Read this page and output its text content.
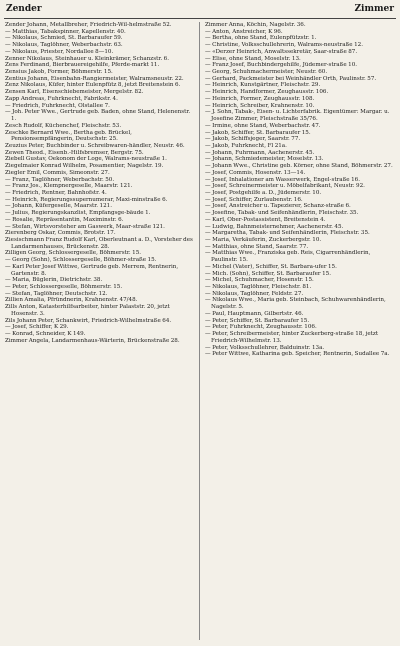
Zender	Zimmer

Zender Johann, Metallbreher, Friedrich-Wil-helmstraße 52.

— Matthias, Tabakspinner, Kapellenstr. 40.

— Nikolaus, Schmied, St. Barbaraufer 59.

— Nikolaus, Taglöhner, Weberbachstr. 63.

— Nikolaus, Priester, Nordallee 8—10.

Zenner Nikolaus, Steinhauer u. Kleinkrämer, Schanzstr. 6.

Zens Ferdinand, Bierbrauereigehilfe, Pferde-markt 11.

Zensius Jakob, Former, Böhmerstr. 15.

Zentius Johann, Eisenbahn-Rangiermeister, Walramsneustr. 22.

Zenz Nikolaus, Küfer, hinter Eulenpfütz 8, jetzt Breitenstein 6.

Zensen Karl, Eisenschiebemeister, Mergelstr. 82.

Zapp Andreas, Fuhrknecht, Fabrikstr. 4.

— Friedrich, Fuhrknecht, Olstallee 7.

— Joh. Peter Wwe., Gertrude geb. Baden, ohne Stand, Helenenstr. 1.

Zesch Rudolf, Küchenchef, Fleischstr. 53.

Zeschke Bernard Wwe., Bertha geb. Brückel, Pensionsempfängerin, Deutschstr. 25.

Zeuzius Peter, Buchbinder u. Schreibwaren-händler, Neustr. 46.

Zewen Theod., Eisenb.-Hilfsbremser, Bergstr. 75.

Ziebell Gustav, Oekonom der Loge, Walrams-neustraße 1.

Ziegelmaier Konrad Wilhelm, Posamentier, Nagelstr. 19.

Ziegler Emil, Commis, Simeonstr. 27.

— Franz, Taglöhner, Weberbachstr. 50.

— Franz Jos., Klempnergeselle, Maarstr. 121.

— Friedrich, Rentner, Bahnhofstr. 4.

— Heinrich, Regierungssupernumerar, Maxi-minstraße 6.

— Johann, Küfergeselle, Maarstr. 121.

— Julius, Regierungskanzlist, Empfangsge-bäude 1.

— Rosalie, Repräsentantin, Maximinstr. 6.

— Stefan, Wirtsvorsteher am Gaswerk, Maar-straße 121.

Zierenberg Oskar, Commis, Brotstr. 17.

Ziesischmann Franz Rudolf Karl, Oberleutnant a. D., Vorsteher des Landarmenhauses, Brückenstr. 28.

Zilligen Georg, Schlossergeselle, Böhmerstr. 15.

— Georg (Sohn), Schlossergeselle, Böhmer-straße 15.

— Karl Peter Josef Wittwe, Gertrude geb. Merrem, Rentnerin, Gartenstr. 8.

— Maria, Büglerin, Dietrichstr. 38.

— Peter, Schlossergeselle, Böhmerstr. 15.

— Stefan, Taglöhner, Deutschstr. 12.

Zillien Amalia, Pfründnerin, Krahnenstr. 47/48.

Zills Anton, Katasterhilfsarbeiter, hinter Palaststr. 20, jetzt Hosenstr. 3.

Zils Johann Peter, Schankwirt, Friedrich-Wilhelmstraße 64.

— Josef, Schiffer, K 29.

— Konrad, Schneider, K 149.

Zimmer Angela, Landarmenhaus-Wärterin, Brückenstraße 28.

Zimmer Anna, Köchin, Nagelstr. 36.

— Anton, Anstreicher, K 96.

— Bertha, ohne Stand, Eulenpfützstr. 1.

— Christine, Volksschullehrerin, Walrams-neustraße 12.

— «Derzer Heinrich, Anwaltssekretär, Saar-straße 87.

— Elise, ohne Stand, Moselstr. 13.

— Franz Josef, Buchbindergehilfe, Jüdemer-straße 10.

— Georg, Schuhmachermeister, Neustr. 60.

— Gerhard, Packmeister bei Weinhändler Orth, Paulinstr. 57.

— Heinrich, Kunstgärtner, Fleischstr. 29.

— Heinrich, Handformer, Zeughausstr. 106.

— Heinrich, Former, Zeughausstr. 108.

— Heinrich, Schreiber, Krahnenstr. 10.

— J. Sohn, Tabak-, Eisen- u. Lichterfabrik. Eigentümer: Margar. u. Josefine Zimmer, Fleischstraße 35/76.

— Irmine, ohne Stand, Weberbachstr. 47.

— Jakob, Schiffer, St. Barbaraufer 15.

— Jakob, Schiffsjeger, Saarstr. 77.

— Jakob, Fuhrknecht, Fl 21a.

— Johann, Fuhrmann, Aachenerstr. 45.

— Johann, Schmiedemeister, Moselstr. 13.

— Johann Wwe., Christine geb. Körner, ohne Stand, Böhmerstr. 27.

— Josef, Commis, Hosenstr. 13—14.

— Josef, Inhalationer am Wasserwerk, Engel-straße 16.

— Josef, Schreinermeister u. Möbelfabrikant, Neustr. 92.

— Josef, Postgehilfe a. D., Jüdemerstr. 10.

— Josef, Schiffer, Zurlaubenstr. 16.

— Josef, Anstreicher u. Tapezierer, Schanz-straße 6.

— Josefine, Tabak- und Seifenhändlerin, Fleischstr. 35.

— Karl, Ober-Postassistent, Breitenstein 4.

— Ludwig, Bahnmeisternehmer, Aachenerstr. 45.

— Margaretha, Tabak- und Seifenhändlerin, Fleischstr. 35.

— Maria, Verkäuferin, Zuckerbergstr. 10.

— Matthias, ohne Stand, Saarstr. 77.

— Matthias Wwe., Franziska geb. Reis, Cigarrenhändlerin, Paulinstr. 15.

— Michel (Vater), Schiffer, St. Barbara-ufer 15.

— Mich. (Sohn), Schiffer, St. Barbaraufer 15.

— Michel, Schuhmacher, Hosenstr. 15.

— Nikolaus, Taglöhner, Fleischstr. 81.

— Nikolaus, Taglöhner, Feldstr. 27.

— Nikolaus Wwe., Maria geb. Steinbach, Schuhwarenhändlerin, Nagelstr. 5.

— Paul, Hauptmann, Gilbertstr. 46.

— Peter, Schiffer, St. Barbaraufer 15.

— Peter, Fuhrknecht, Zeughausstr. 106.

— Peter, Schreibermeister, hinter Zuckerberg-straße 18, jetzt Friedrich-Wilhelmstr. 13.

— Peter, Volksschullehrer, Balduinstr. 13a.

— Peter Wittwe, Katharina geb. Speicher, Rentnerin, Sudallee 7a.
